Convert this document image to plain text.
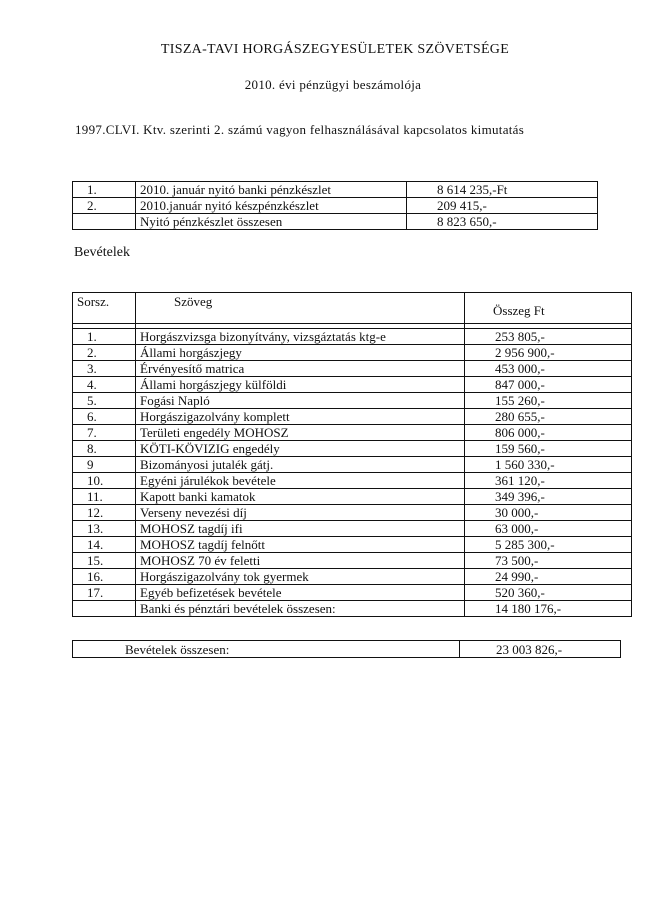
TISZA-TAVI HORGÁSZEGYESÜLETEK SZÖVETSÉGE
2010. évi pénzügyi beszámolója
1997.CLVI. Ktv. szerinti 2. számú vagyon felhasználásával kapcsolatos kimutatás
1.	2010. január nyitó banki pénzkészlet	8 614 235,-Ft
2.	2010.január nyitó készpénzkészlet	209 415,-
	Nyitó pénzkészlet összesen	8 823 650,-
Bevételek
Sorsz.	Szöveg	Összeg Ft

1.	Horgászvizsga bizonyítvány, vizsgáztatás ktg-e	253 805,-
2.	Állami horgászjegy	2 956 900,-
3.	Érvényesítő matrica	453 000,-
4.	Állami horgászjegy külföldi	847 000,-
5.	Fogási Napló	155 260,-
6.	Horgászigazolvány komplett	280 655,-
7.	Területi engedély MOHOSZ	806 000,-
8.	KÖTI-KÖVIZIG engedély	159 560,-
9	Bizományosi jutalék gátj.	1 560 330,-
10.	Egyéni járulékok bevétele	361 120,-
11.	Kapott banki kamatok	349 396,-
12.	Verseny nevezési díj	30 000,-
13.	MOHOSZ tagdíj ifi	63 000,-
14.	MOHOSZ tagdíj felnőtt	5 285 300,-
15.	MOHOSZ 70 év feletti	73 500,-
16.	Horgászigazolvány tok gyermek	24 990,-
17.	Egyéb befizetések bevétele	520 360,-
	Banki és pénztári bevételek összesen:	14 180 176,-
Bevételek összesen:	23 003 826,-
